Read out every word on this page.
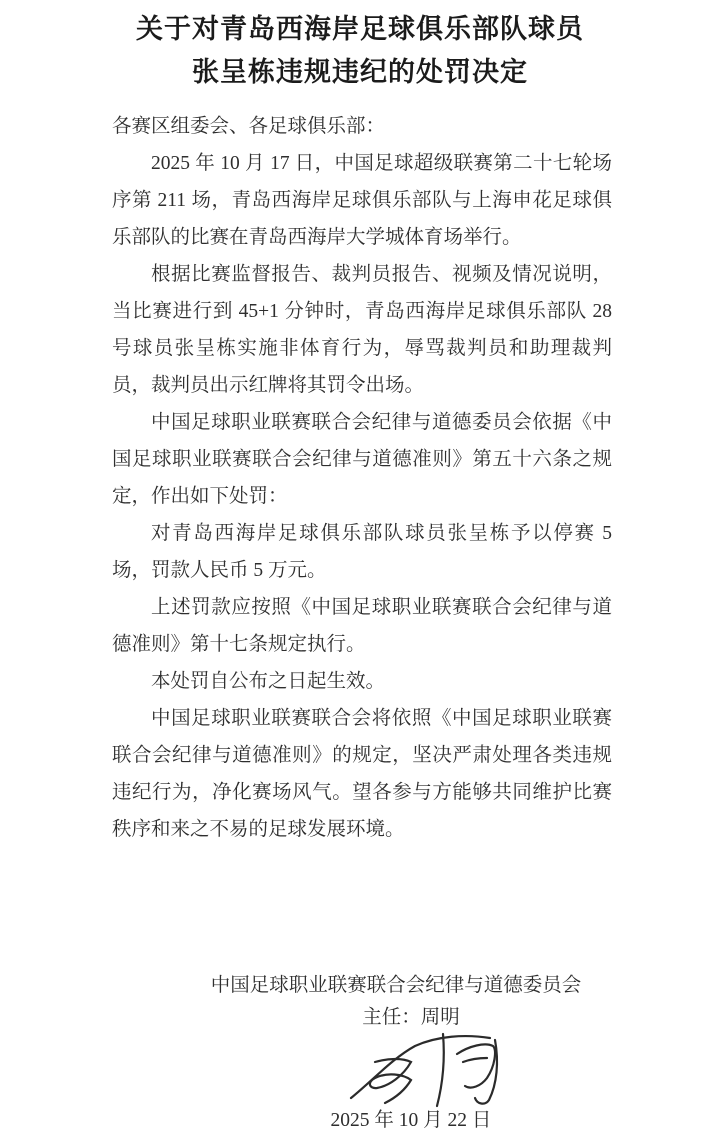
关于对青岛西海岸足球俱乐部队球员
张呈栋违规违纪的处罚决定

各赛区组委会、各足球俱乐部：

2025 年 10 月 17 日，中国足球超级联赛第二十七轮场序第 211 场，青岛西海岸足球俱乐部队与上海申花足球俱乐部队的比赛在青岛西海岸大学城体育场举行。

根据比赛监督报告、裁判员报告、视频及情况说明，当比赛进行到 45+1 分钟时，青岛西海岸足球俱乐部队 28 号球员张呈栋实施非体育行为，辱骂裁判员和助理裁判员，裁判员出示红牌将其罚令出场。

中国足球职业联赛联合会纪律与道德委员会依据《中国足球职业联赛联合会纪律与道德准则》第五十六条之规定，作出如下处罚：

对青岛西海岸足球俱乐部队球员张呈栋予以停赛 5 场，罚款人民币 5 万元。

上述罚款应按照《中国足球职业联赛联合会纪律与道德准则》第十七条规定执行。

本处罚自公布之日起生效。

中国足球职业联赛联合会将依照《中国足球职业联赛联合会纪律与道德准则》的规定，坚决严肃处理各类违规违纪行为，净化赛场风气。望各参与方能够共同维护比赛秩序和来之不易的足球发展环境。

中国足球职业联赛联合会纪律与道德委员会
主任：周明
2025 年 10 月 22 日
